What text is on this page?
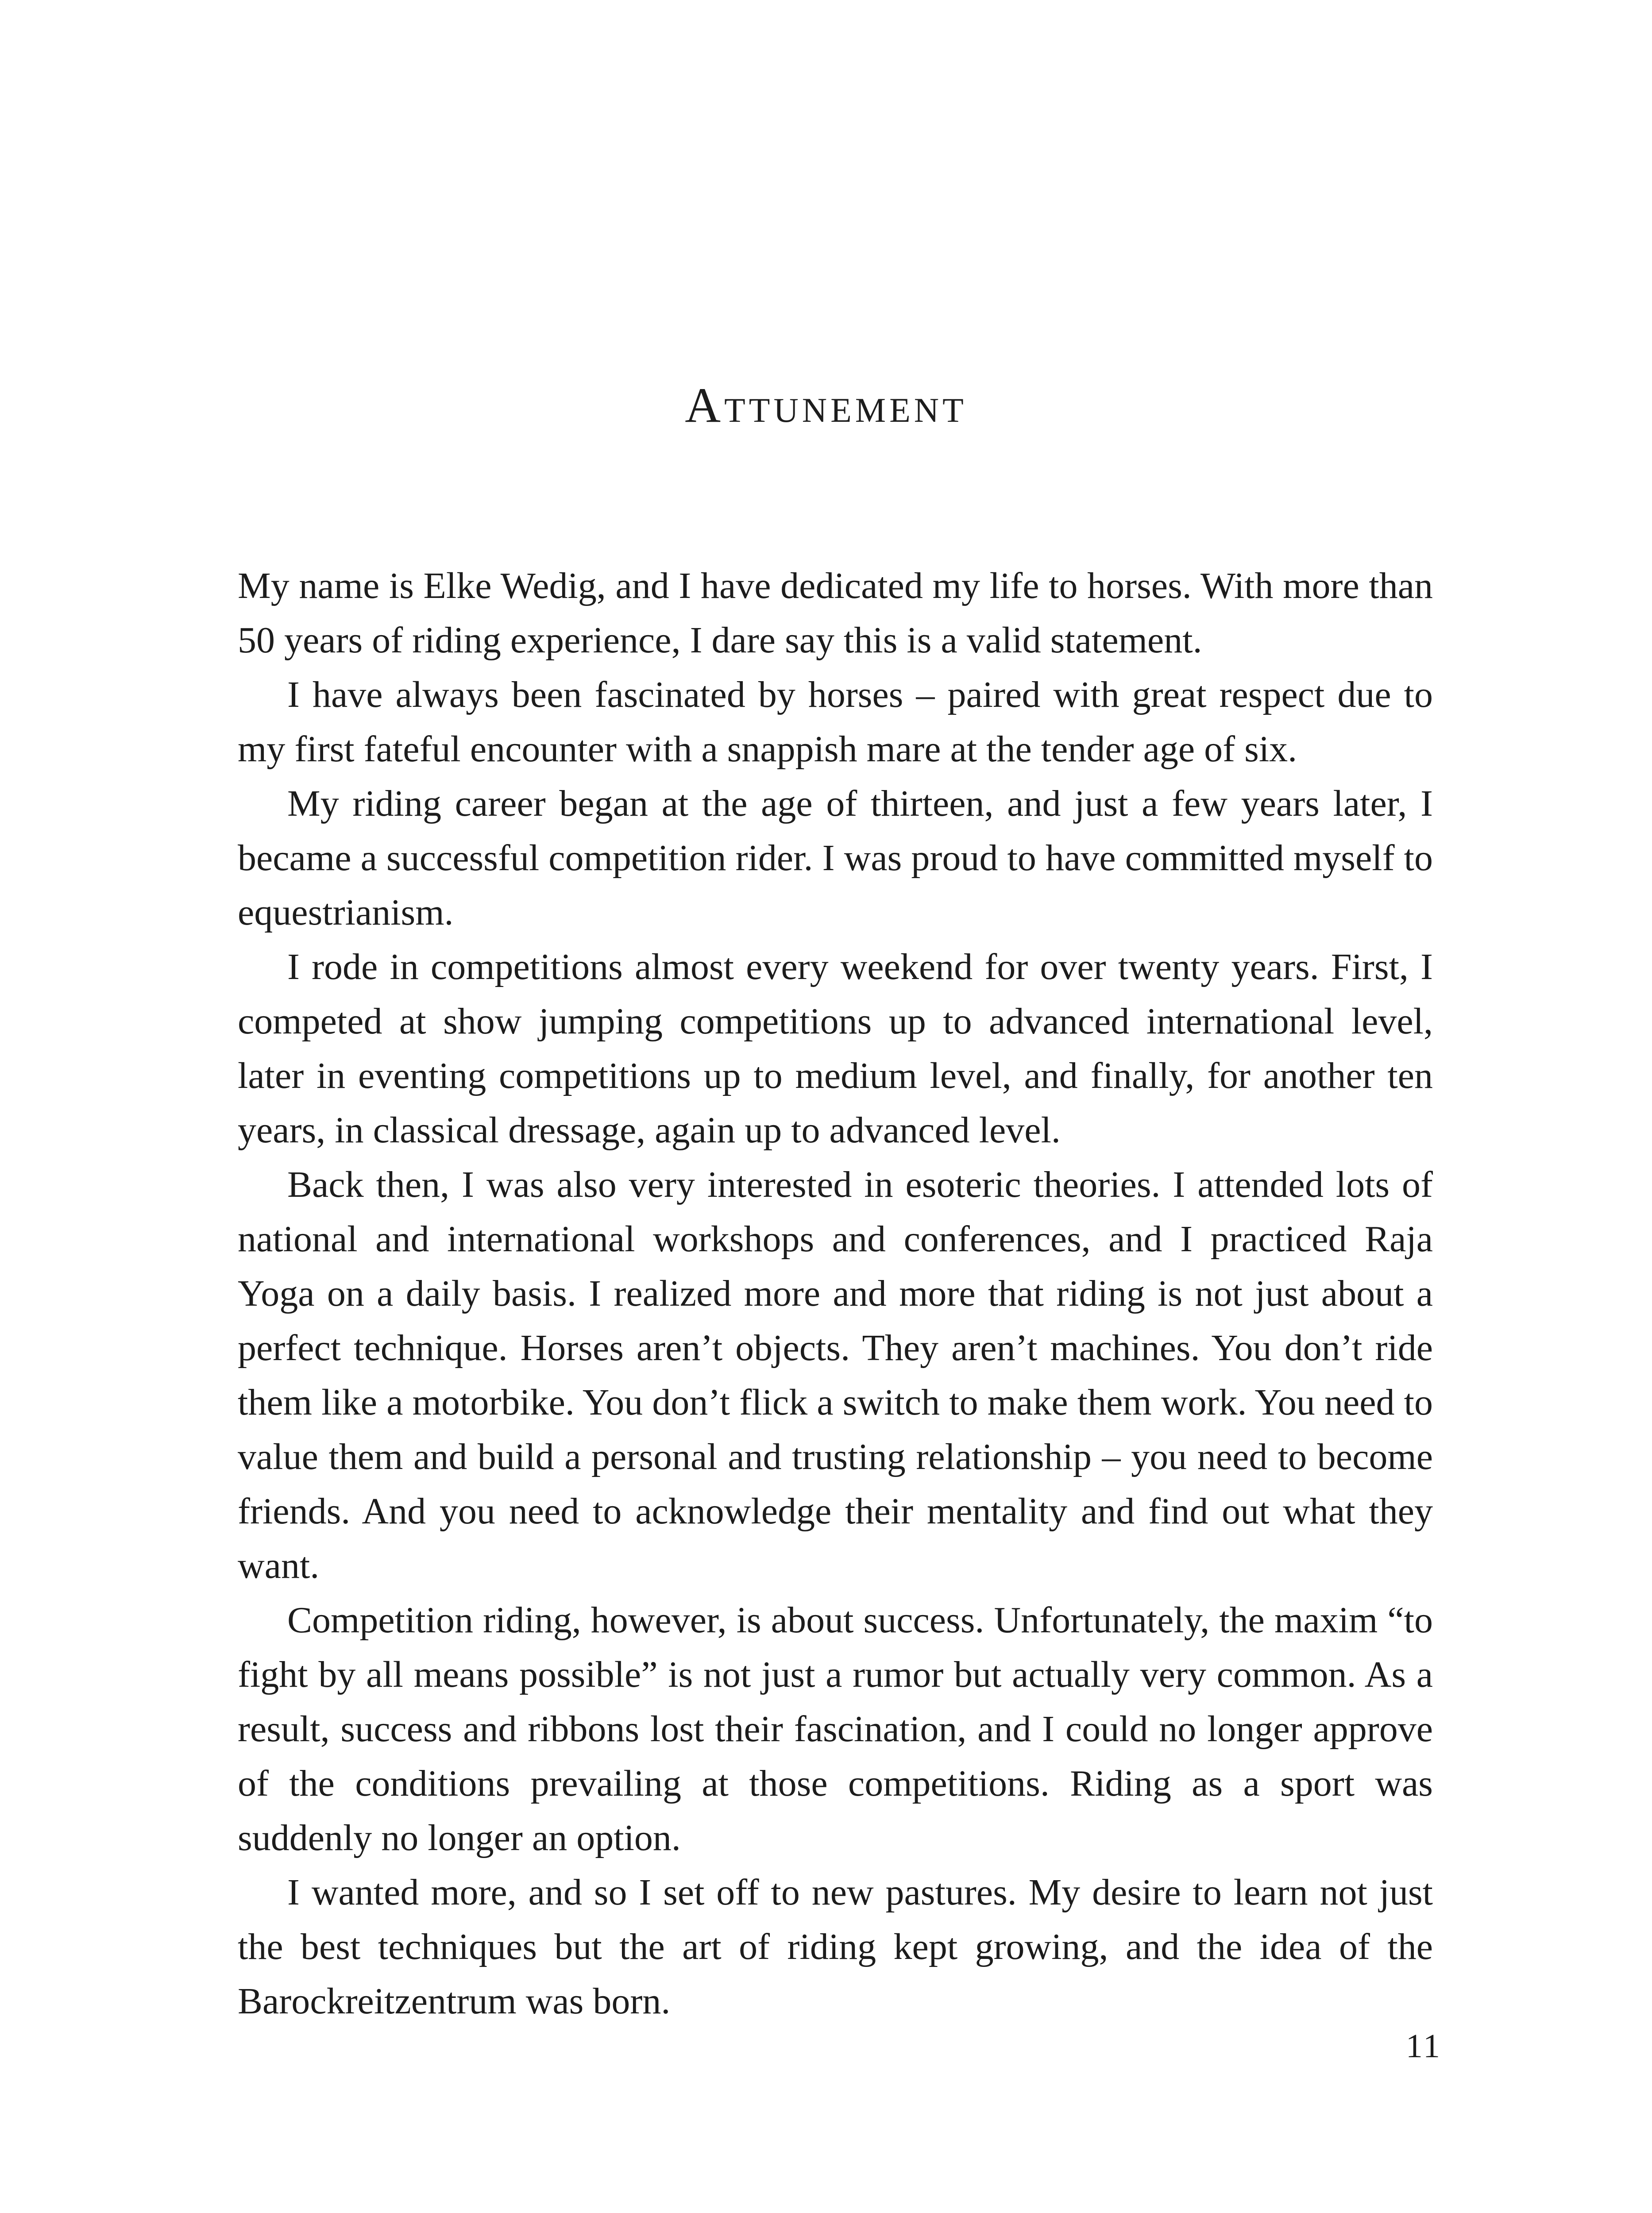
Attunement

My name is Elke Wedig, and I have dedicated my life to horses. With more than 50 years of riding experience, I dare say this is a valid statement.

I have always been fascinated by horses – paired with great respect due to my first fateful encounter with a snappish mare at the tender age of six.

My riding career began at the age of thirteen, and just a few years later, I became a successful competition rider. I was proud to have committed myself to equestrianism.

I rode in competitions almost every weekend for over twenty years. First, I competed at show jumping competitions up to advanced international level, later in eventing competitions up to medium level, and finally, for another ten years, in classical dressage, again up to advanced level.

Back then, I was also very interested in esoteric theories. I attended lots of national and international workshops and conferences, and I practiced Raja Yoga on a daily basis. I realized more and more that riding is not just about a perfect technique. Horses aren’t objects. They aren’t machines. You don’t ride them like a motorbike. You don’t flick a switch to make them work. You need to value them and build a personal and trusting relationship – you need to become friends. And you need to acknowledge their mentality and find out what they want.

Competition riding, however, is about success. Unfortunately, the maxim “to fight by all means possible” is not just a rumor but actually very common. As a result, success and ribbons lost their fascination, and I could no longer approve of the conditions prevailing at those competitions. Riding as a sport was suddenly no longer an option.

I wanted more, and so I set off to new pastures. My desire to learn not just the best techniques but the art of riding kept growing, and the idea of the Barockreitzentrum was born.

11
